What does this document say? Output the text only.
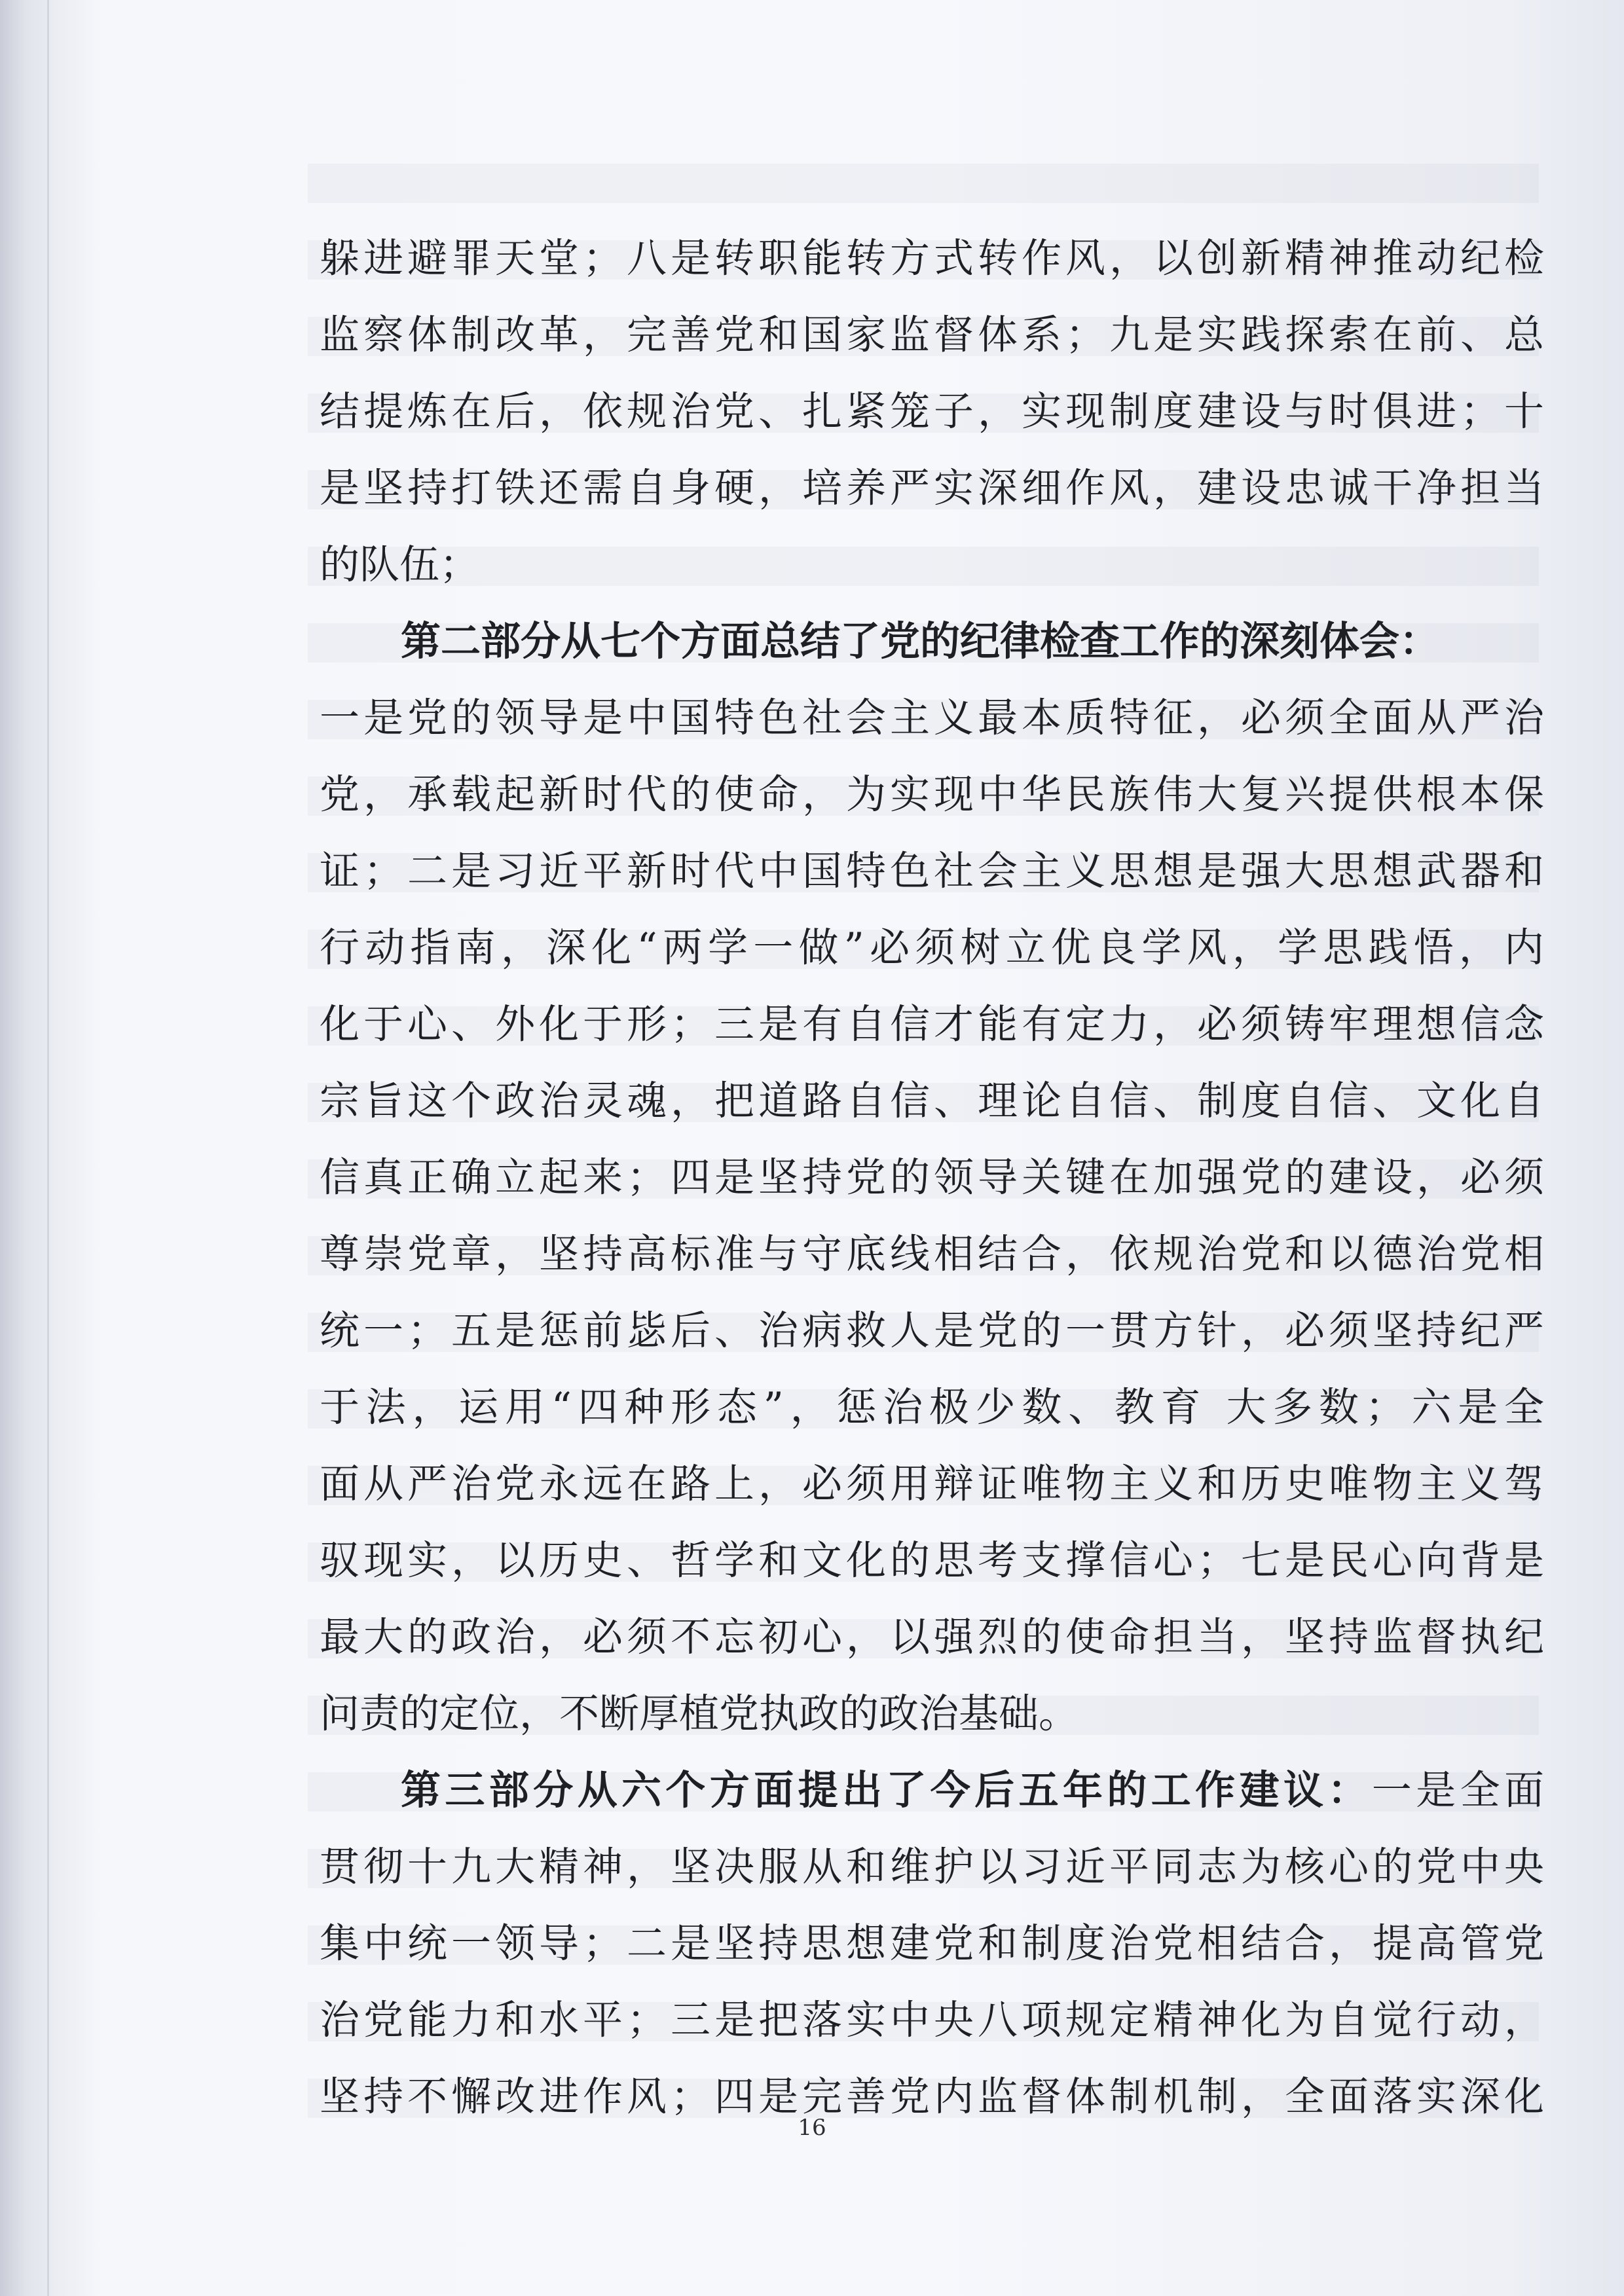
躲进避罪天堂；八是转职能转方式转作风，以创新精神推动纪检
监察体制改革，完善党和国家监督体系；九是实践探索在前、总
结提炼在后，依规治党、扎紧笼子，实现制度建设与时俱进；十
是坚持打铁还需自身硬，培养严实深细作风，建设忠诚干净担当
的队伍；
第二部分从七个方面总结了党的纪律检查工作的深刻体会：
一是党的领导是中国特色社会主义最本质特征，必须全面从严治
党，承载起新时代的使命，为实现中华民族伟大复兴提供根本保
证；二是习近平新时代中国特色社会主义思想是强大思想武器和
行动指南，深化“两学一做”必须树立优良学风，学思践悟，内
化于心、外化于形；三是有自信才能有定力，必须铸牢理想信念
宗旨这个政治灵魂，把道路自信、理论自信、制度自信、文化自
信真正确立起来；四是坚持党的领导关键在加强党的建设，必须
尊崇党章，坚持高标准与守底线相结合，依规治党和以德治党相
统一；五是惩前毖后、治病救人是党的一贯方针，必须坚持纪严
于法，运用“四种形态”，惩治极少数、教育 大多数；六是全
面从严治党永远在路上，必须用辩证唯物主义和历史唯物主义驾
驭现实，以历史、哲学和文化的思考支撑信心；七是民心向背是
最大的政治，必须不忘初心，以强烈的使命担当，坚持监督执纪
问责的定位，不断厚植党执政的政治基础。
第三部分从六个方面提出了今后五年的工作建议：一是全面
贯彻十九大精神，坚决服从和维护以习近平同志为核心的党中央
集中统一领导；二是坚持思想建党和制度治党相结合，提高管党
治党能力和水平；三是把落实中央八项规定精神化为自觉行动，
坚持不懈改进作风；四是完善党内监督体制机制，全面落实深化
16
